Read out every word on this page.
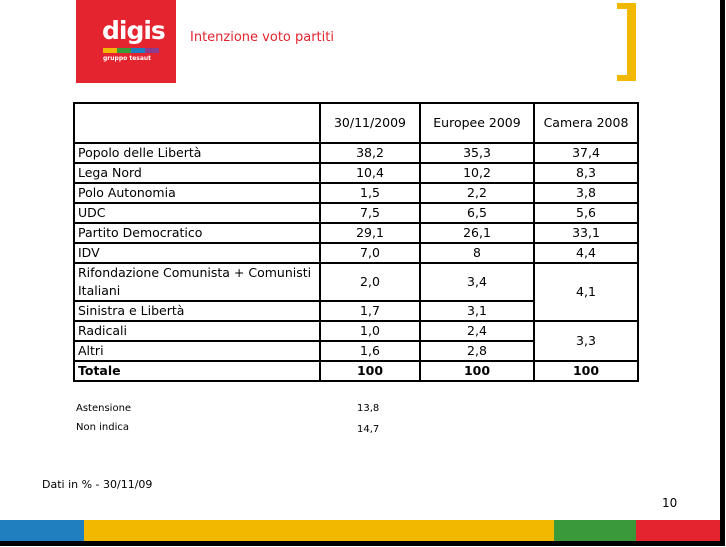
digis
gruppo tesaut
Intenzione voto partiti
	30/11/2009	Europee 2009	Camera 2008
Popolo delle Libertà	38,2	35,3	37,4
Lega Nord	10,4	10,2	8,3
Polo Autonomia	1,5	2,2	3,8
UDC	7,5	6,5	5,6
Partito Democratico	29,1	26,1	33,1
IDV	7,0	8	4,4
Rifondazione Comunista + Comunisti Italiani	2,0	3,4	4,1
Sinistra e Libertà	1,7	3,1	
Radicali	1,0	2,4	3,3
Altri	1,6	2,8	
Totale	100	100	100
Astensione	13,8
Non indica	14,7
Dati in % - 30/11/09
10
